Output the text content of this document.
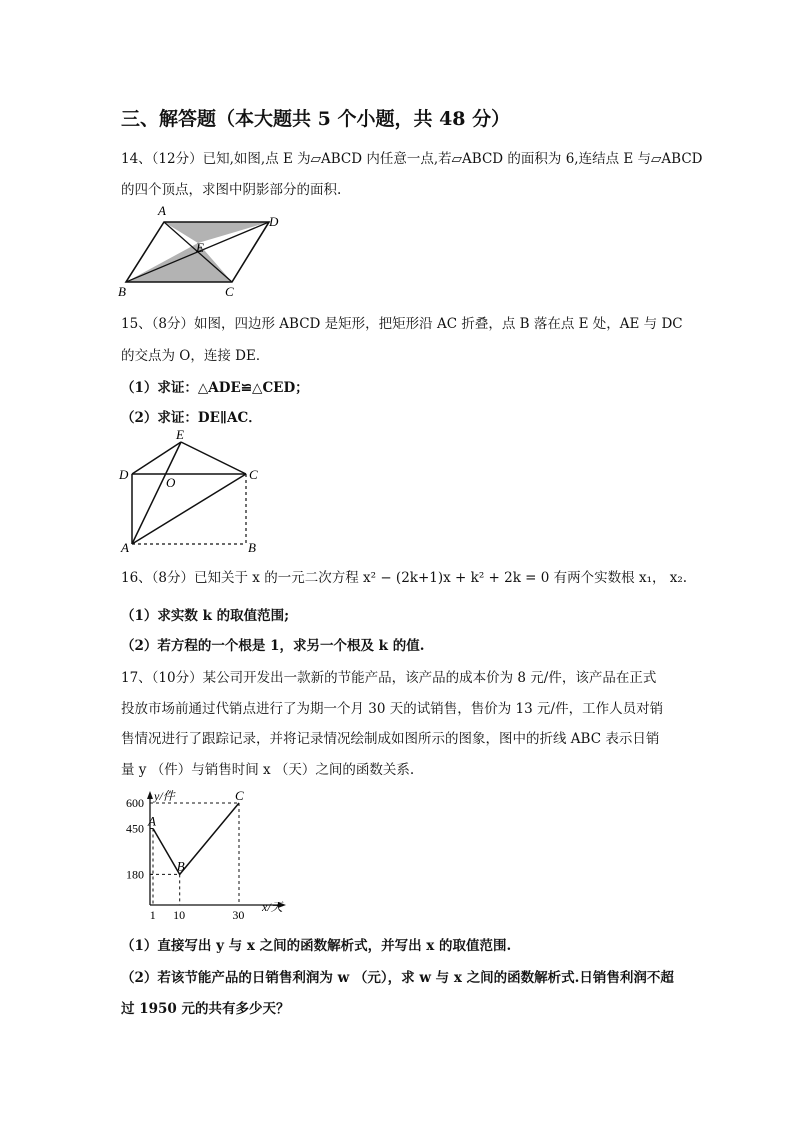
三、解答题（本大题共 5 个小题，共 48 分）
14、（12分）已知,如图,点 E 为▱ABCD 内任意一点,若▱ABCD 的面积为 6,连结点 E 与▱ABCD
的四个顶点，求图中阴影部分的面积.
A
D
E
B	C
15、（8分）如图，四边形 ABCD 是矩形，把矩形沿 AC 折叠，点 B 落在点 E 处，AE 与 DC
的交点为 O，连接 DE．
（1）求证：△ADE≌△CED；
（2）求证：DE∥AC．
E
D	C
O
A	B
16、（8分）已知关于 x 的一元二次方程 x² − (2k+1)x + k² + 2k = 0 有两个实数根 x₁， x₂.
（1）求实数 k 的取值范围;
（2）若方程的一个根是 1，求另一个根及 k 的值.
17、（10分）某公司开发出一款新的节能产品，该产品的成本价为 8 元/件，该产品在正式
投放市场前通过代销点进行了为期一个月 30 天的试销售，售价为 13 元/件，工作人员对销
售情况进行了跟踪记录，并将记录情况绘制成如图所示的图象，图中的折线 ABC 表示日销
量 y （件）与销售时间 x （天）之间的函数关系.
1 10	30
600
450
180
A
B
C
y/件
x/天
（1）直接写出 y 与 x 之间的函数解析式，并写出 x 的取值范围.
（2）若该节能产品的日销售利润为 w （元），求 w 与 x 之间的函数解析式.日销售利润不超
过 1950 元的共有多少天？
